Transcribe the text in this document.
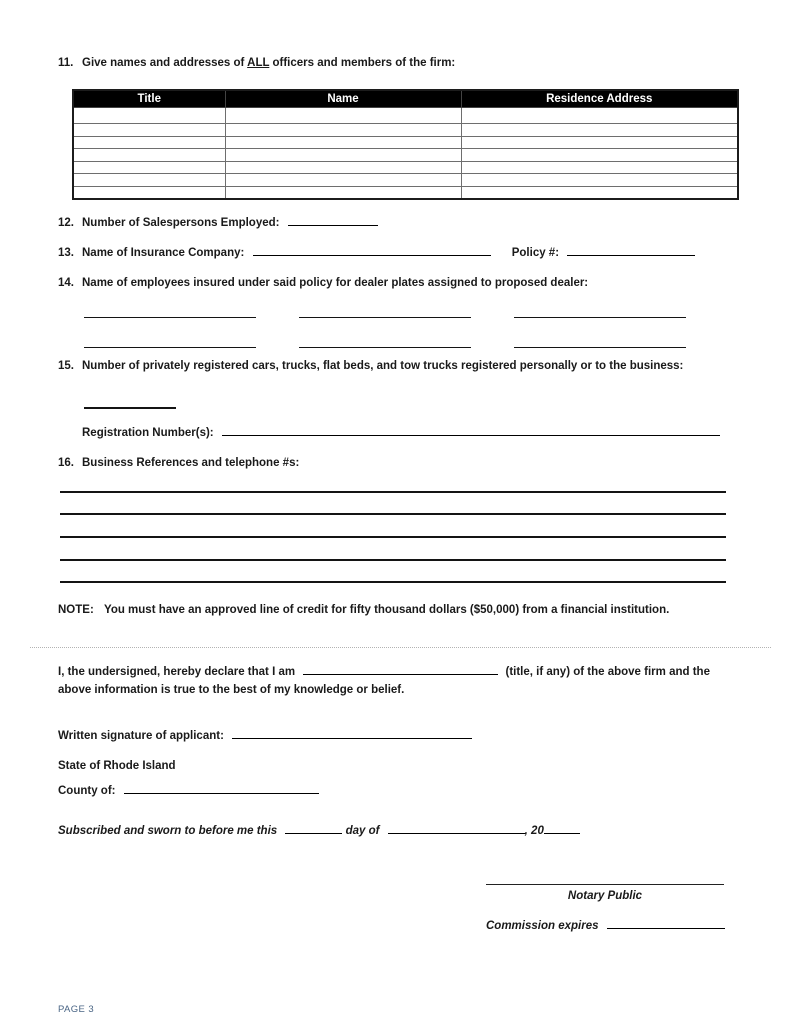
11. Give names and addresses of ALL officers and members of the firm:
Title	Name	Residence Address

12. Number of Salespersons Employed:
13. Name of Insurance Company:	Policy #:
14. Name of employees insured under said policy for dealer plates assigned to proposed dealer:
15. Number of privately registered cars, trucks, flat beds, and tow trucks registered personally or to the business:
Registration Number(s):
16. Business References and telephone #s:
NOTE: You must have an approved line of credit for fifty thousand dollars ($50,000) from a financial institution.
I, the undersigned, hereby declare that I am	(title, if any) of the above firm and the above information is true to the best of my knowledge or belief.
Written signature of applicant:
State of Rhode Island
County of:
Subscribed and sworn to before me this	day of	, 20
Notary Public
Commission expires
PAGE 3
